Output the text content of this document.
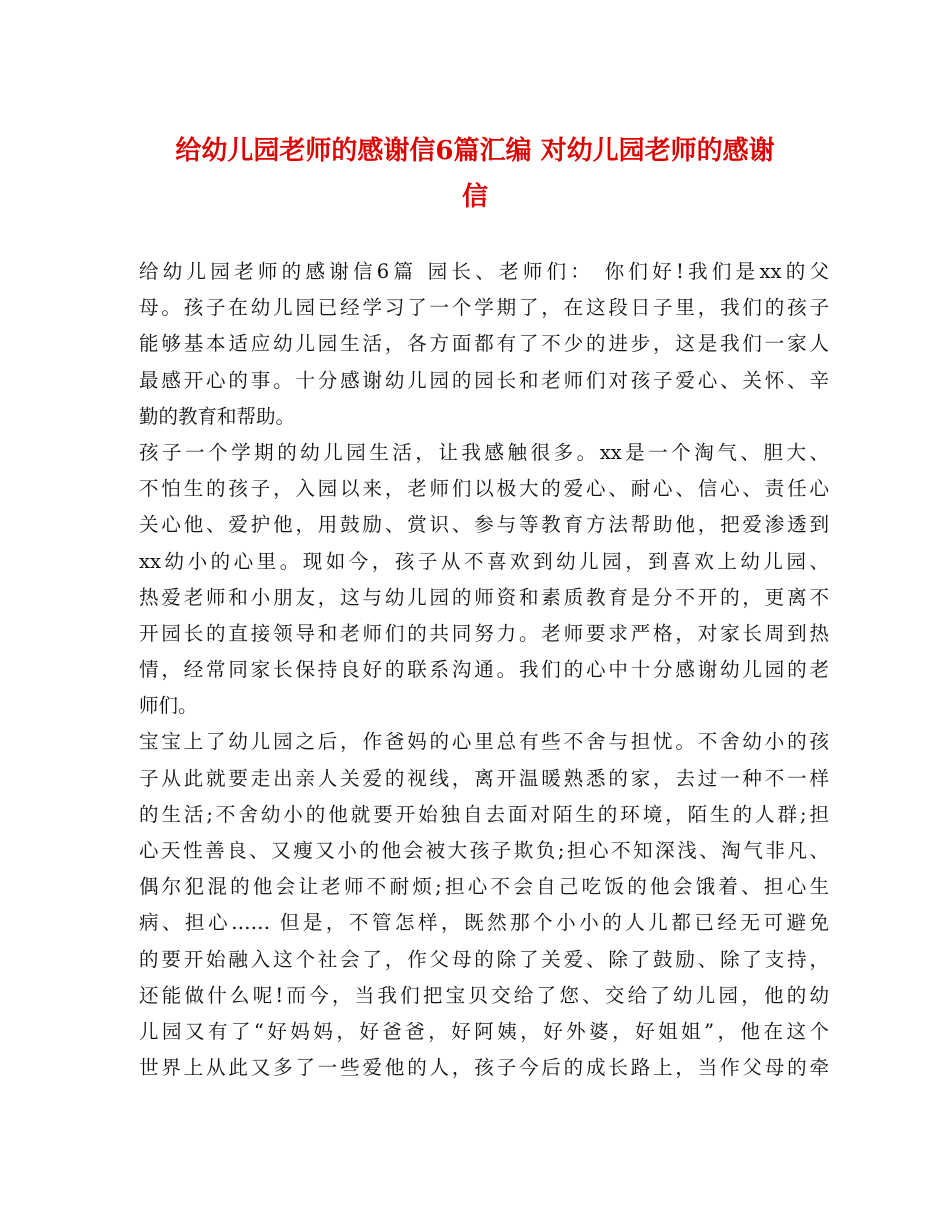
给幼儿园老师的感谢信6篇汇编 对幼儿园老师的感谢
信
给幼儿园老师的感谢信6篇 园长、老师们： 你们好!我们是xx的父
母。孩子在幼儿园已经学习了一个学期了，在这段日子里，我们的孩子
能够基本适应幼儿园生活，各方面都有了不少的进步，这是我们一家人
最感开心的事。十分感谢幼儿园的园长和老师们对孩子爱心、关怀、辛
勤的教育和帮助。
孩子一个学期的幼儿园生活，让我感触很多。xx是一个淘气、胆大、
不怕生的孩子，入园以来，老师们以极大的爱心、耐心、信心、责任心
关心他、爱护他，用鼓励、赏识、参与等教育方法帮助他，把爱渗透到
xx幼小的心里。现如今，孩子从不喜欢到幼儿园，到喜欢上幼儿园、
热爱老师和小朋友，这与幼儿园的师资和素质教育是分不开的，更离不
开园长的直接领导和老师们的共同努力。老师要求严格，对家长周到热
情，经常同家长保持良好的联系沟通。我们的心中十分感谢幼儿园的老
师们。
宝宝上了幼儿园之后，作爸妈的心里总有些不舍与担忧。不舍幼小的孩
子从此就要走出亲人关爱的视线，离开温暖熟悉的家，去过一种不一样
的生活;不舍幼小的他就要开始独自去面对陌生的环境，陌生的人群;担
心天性善良、又瘦又小的他会被大孩子欺负;担心不知深浅、淘气非凡、
偶尔犯混的他会让老师不耐烦;担心不会自己吃饭的他会饿着、担心生
病、担心…… 但是，不管怎样，既然那个小小的人儿都已经无可避免
的要开始融入这个社会了，作父母的除了关爱、除了鼓励、除了支持，
还能做什么呢!而今，当我们把宝贝交给了您、交给了幼儿园，他的幼
儿园又有了“好妈妈，好爸爸，好阿姨，好外婆，好姐姐”，他在这个
世界上从此又多了一些爱他的人，孩子今后的成长路上，当作父母的牵
